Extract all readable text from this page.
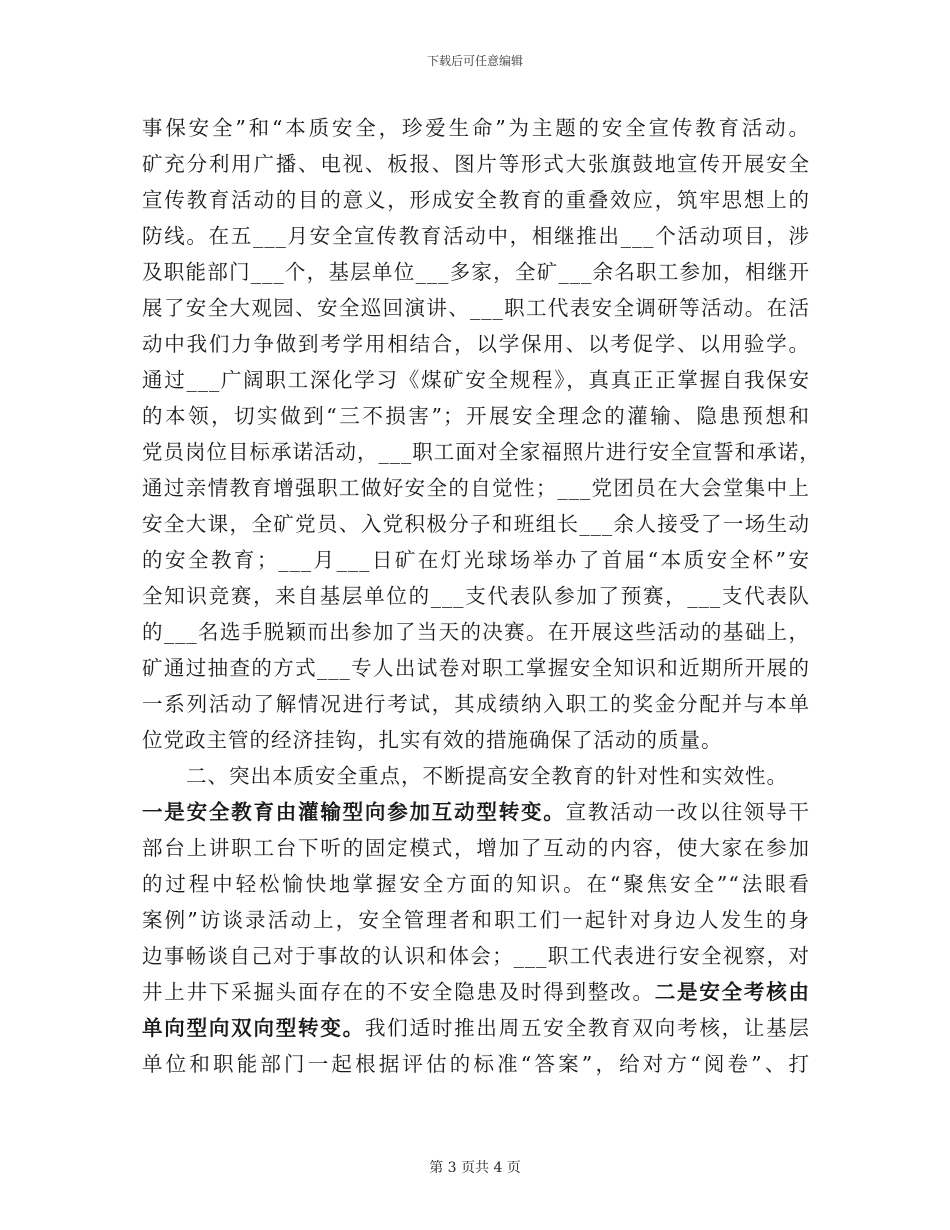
下载后可任意编辑
事保安全”和“本质安全，珍爱生命”为主题的安全宣传教育活动。
矿充分利用广播、电视、板报、图片等形式大张旗鼓地宣传开展安全
宣传教育活动的目的意义，形成安全教育的重叠效应，筑牢思想上的
防线。在五___月安全宣传教育活动中，相继推出___个活动项目，涉
及职能部门___个，基层单位___多家，全矿___余名职工参加，相继开
展了安全大观园、安全巡回演讲、___职工代表安全调研等活动。在活
动中我们力争做到考学用相结合，以学保用、以考促学、以用验学。
通过___广阔职工深化学习《煤矿安全规程》，真真正正掌握自我保安
的本领，切实做到“三不损害”；开展安全理念的灌输、隐患预想和
党员岗位目标承诺活动，___职工面对全家福照片进行安全宣誓和承诺，
通过亲情教育增强职工做好安全的自觉性；___党团员在大会堂集中上
安全大课，全矿党员、入党积极分子和班组长___余人接受了一场生动
的安全教育；___月___日矿在灯光球场举办了首届“本质安全杯”安
全知识竞赛，来自基层单位的___支代表队参加了预赛，___支代表队
的___名选手脱颖而出参加了当天的决赛。在开展这些活动的基础上，
矿通过抽查的方式___专人出试卷对职工掌握安全知识和近期所开展的
一系列活动了解情况进行考试，其成绩纳入职工的奖金分配并与本单
位党政主管的经济挂钩，扎实有效的措施确保了活动的质量。
二、突出本质安全重点，不断提高安全教育的针对性和实效性。
一是安全教育由灌输型向参加互动型转变。宣教活动一改以往领导干
部台上讲职工台下听的固定模式，增加了互动的内容，使大家在参加
的过程中轻松愉快地掌握安全方面的知识。在“聚焦安全”“法眼看
案例”访谈录活动上，安全管理者和职工们一起针对身边人发生的身
边事畅谈自己对于事故的认识和体会；___职工代表进行安全视察，对
井上井下采掘头面存在的不安全隐患及时得到整改。二是安全考核由
单向型向双向型转变。我们适时推出周五安全教育双向考核，让基层
单位和职能部门一起根据评估的标准“答案”，给对方“阅卷”、打
第 3 页共 4 页
